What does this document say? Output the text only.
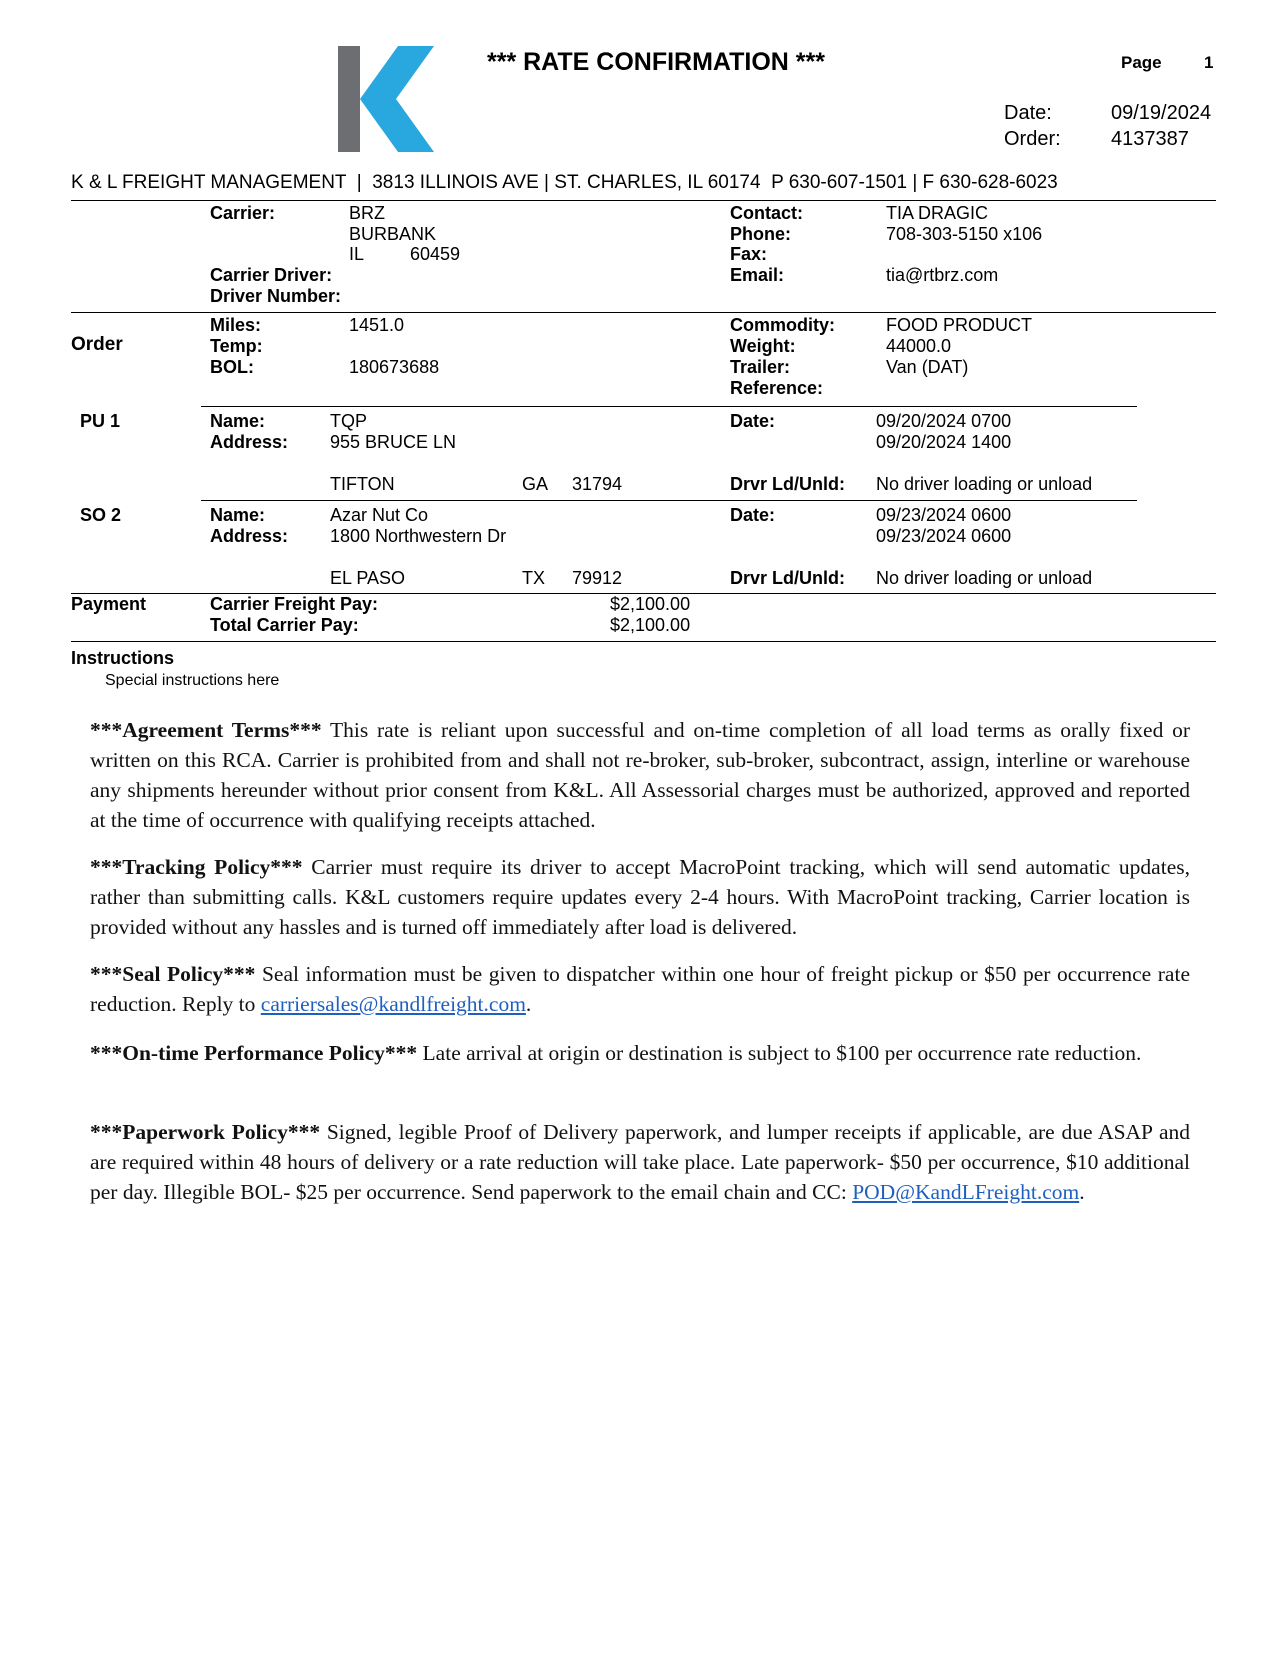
*** RATE CONFIRMATION ***	Page 1
Date:	09/19/2024
Order:	4137387
K & L FREIGHT MANAGEMENT  |  3813 ILLINOIS AVE | ST. CHARLES, IL 60174  P 630-607-1501 | F 630-628-6023
Carrier:	BRZ
BURBANK
IL	60459
Carrier Driver:
Driver Number:
Contact:	TIA DRAGIC
Phone:	708-303-5150 x106
Fax:
Email:	tia@rtbrz.com
Order
Miles:	1451.0
Temp:
BOL:	180673688
Commodity:	FOOD PRODUCT
Weight:	44000.0
Trailer:	Van (DAT)
Reference:
PU 1	Name:	TQP
Address: 955 BRUCE LN
TIFTON	GA 31794
Date:	09/20/2024 0700
09/20/2024 1400
Drvr Ld/Unld: No driver loading or unload
SO 2	Name:	Azar Nut Co
Address: 1800 Northwestern Dr
EL PASO	TX 79912
Date:	09/23/2024 0600
09/23/2024 0600
Drvr Ld/Unld: No driver loading or unload
Payment	Carrier Freight Pay:	$2,100.00
Total Carrier Pay:	$2,100.00
Instructions
Special instructions here
***Agreement Terms*** This rate is reliant upon successful and on-time completion of all load terms as orally fixed or written on this RCA. Carrier is prohibited from and shall not re-broker, sub-broker, subcontract, assign, interline or warehouse any shipments hereunder without prior consent from K&L. All Assessorial charges must be authorized, approved and reported at the time of occurrence with qualifying receipts attached.
***Tracking Policy*** Carrier must require its driver to accept MacroPoint tracking, which will send automatic updates, rather than submitting calls. K&L customers require updates every 2-4 hours. With MacroPoint tracking, Carrier location is provided without any hassles and is turned off immediately after load is delivered.
***Seal Policy*** Seal information must be given to dispatcher within one hour of freight pickup or $50 per occurrence rate reduction. Reply to carriersales@kandlfreight.com.
***On-time Performance Policy*** Late arrival at origin or destination is subject to $100 per occurrence rate reduction.
***Paperwork Policy*** Signed, legible Proof of Delivery paperwork, and lumper receipts if applicable, are due ASAP and are required within 48 hours of delivery or a rate reduction will take place. Late paperwork- $50 per occurrence, $10 additional per day. Illegible BOL- $25 per occurrence. Send paperwork to the email chain and CC: POD@KandLFreight.com.
